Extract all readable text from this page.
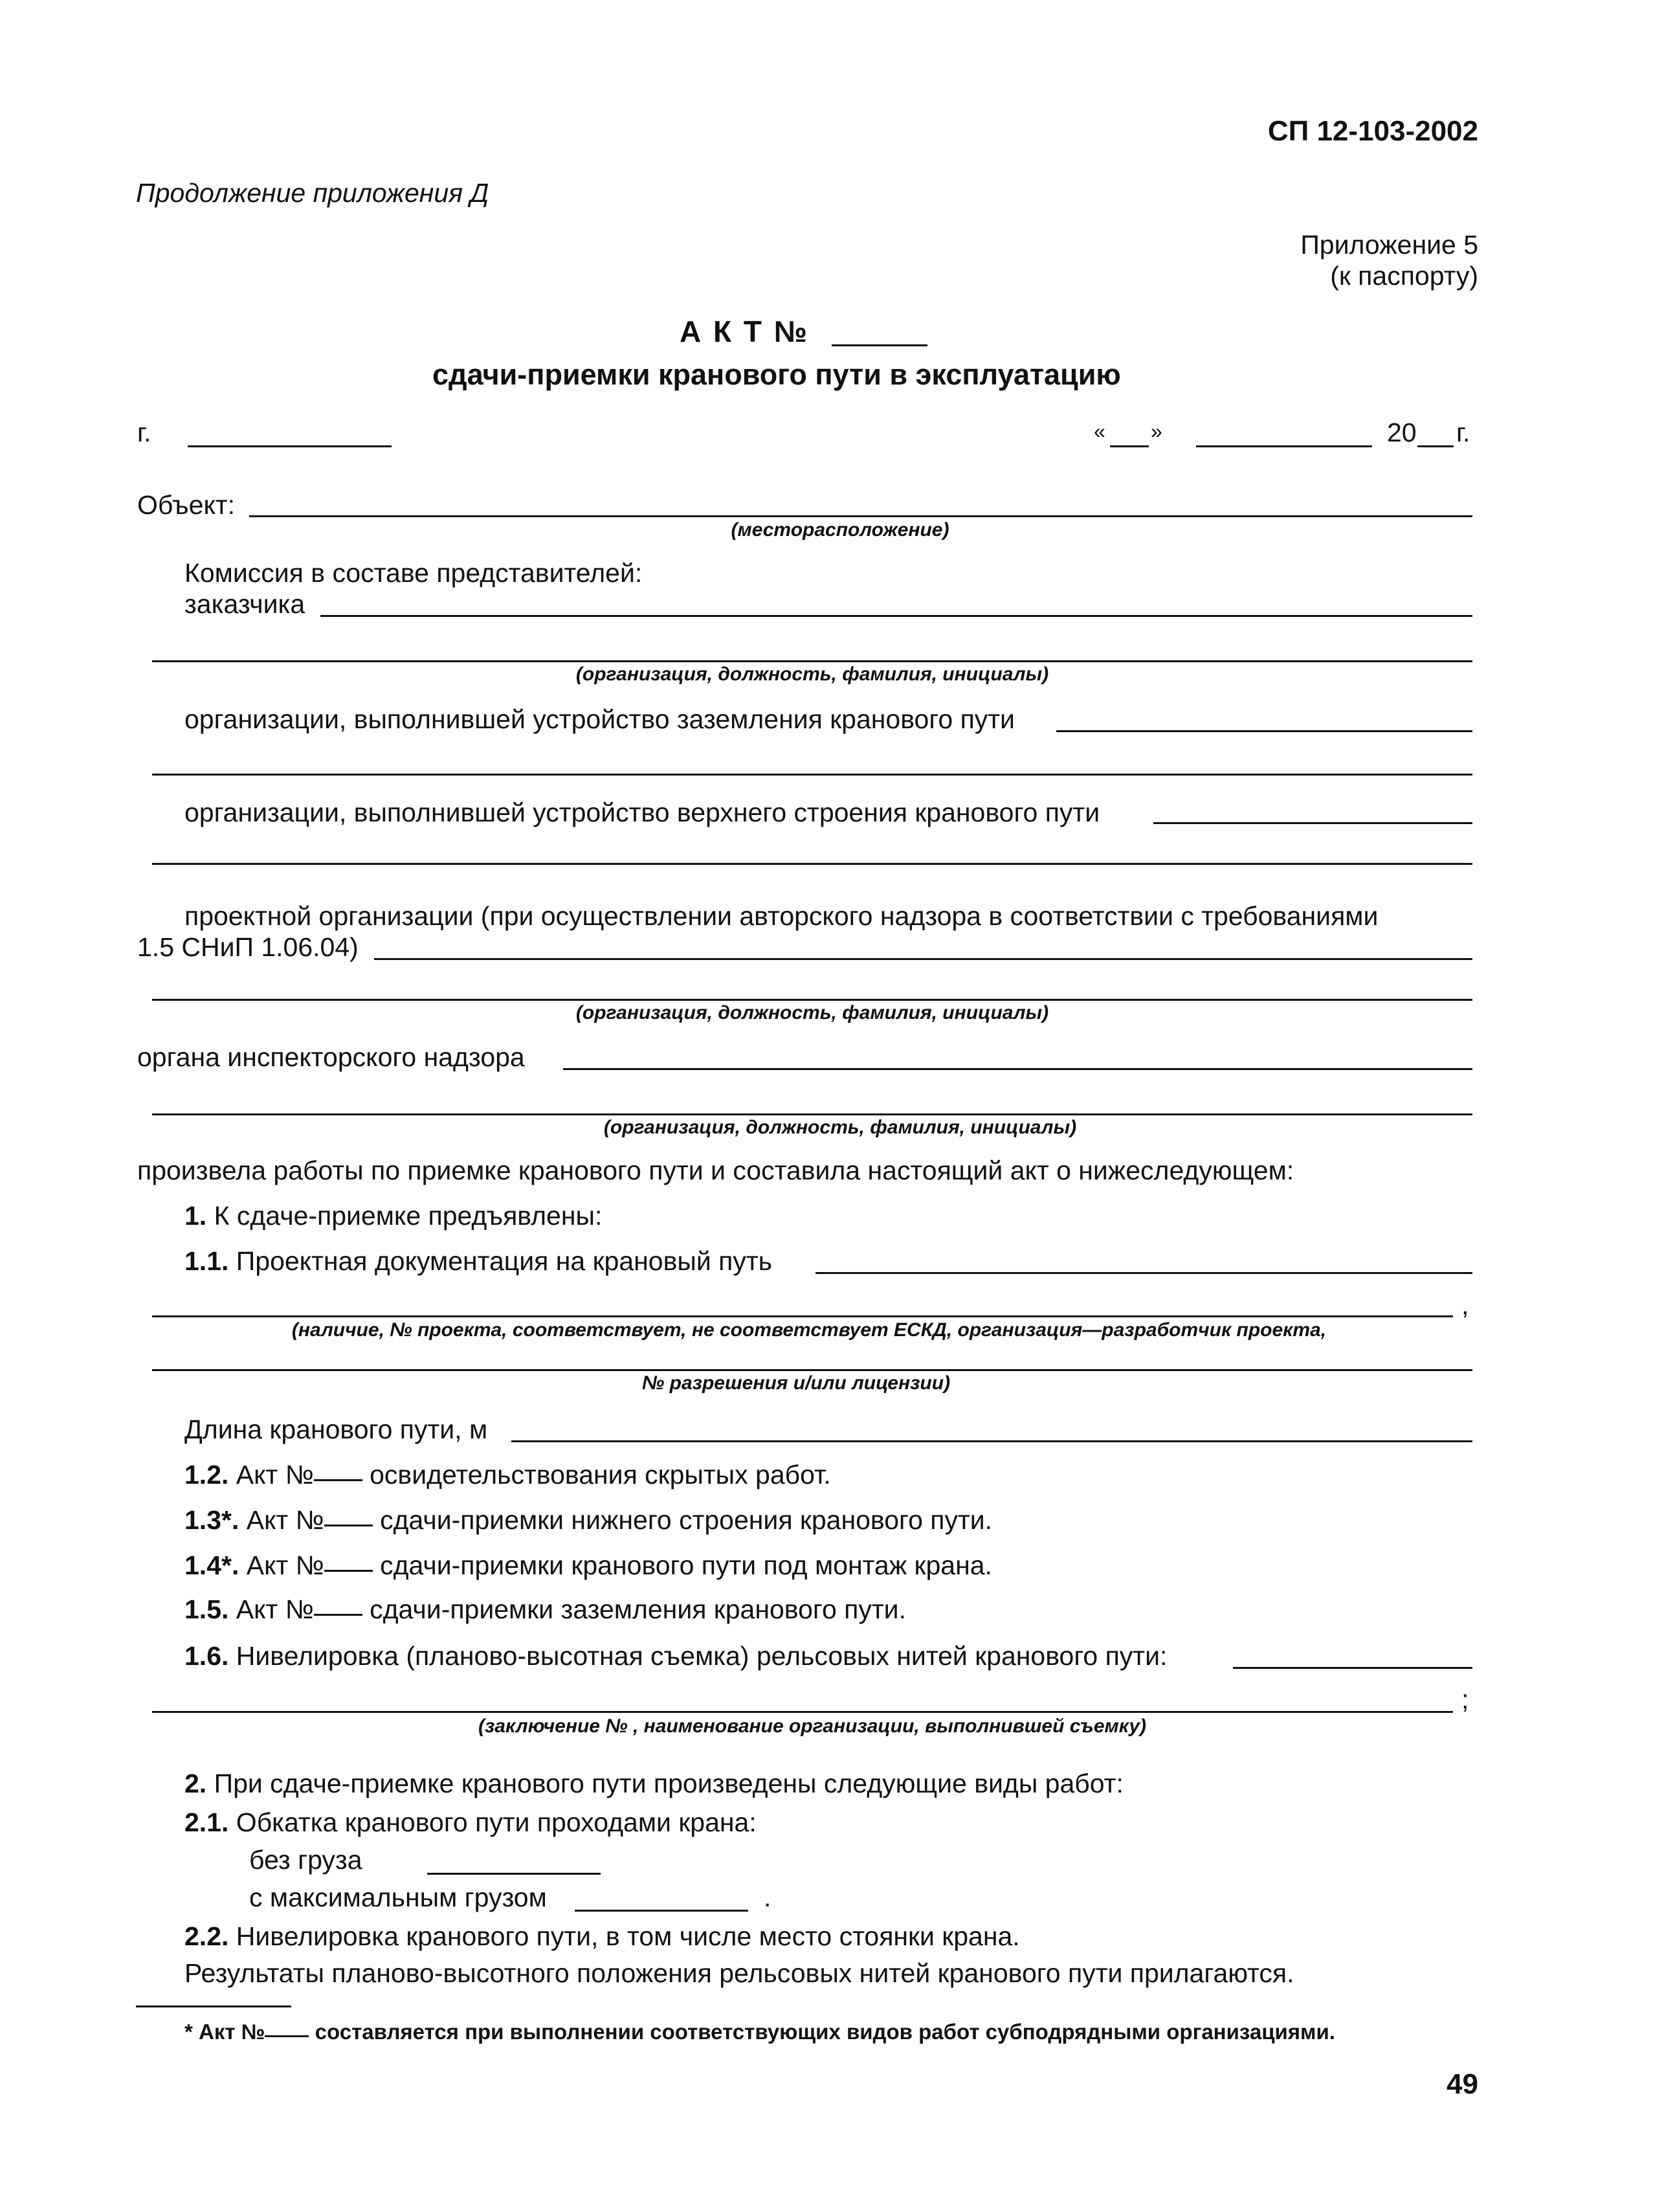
СП 12-103-2002
Продолжение приложения Д
Приложение 5
(к паспорту)
А К Т №
сдачи-приемки кранового пути в эксплуатацию
г.	« »	20 г.
Объект:
(месторасположение)
Комиссия в составе представителей:
заказчика
(организация, должность, фамилия, инициалы)
организации, выполнившей устройство заземления кранового пути
организации, выполнившей устройство верхнего строения кранового пути
проектной организации (при осуществлении авторского надзора в соответствии с требованиями
1.5 СНиП 1.06.04)
(организация, должность, фамилия, инициалы)
органа инспекторского надзора
(организация, должность, фамилия, инициалы)
произвела работы по приемке кранового пути и составила настоящий акт о нижеследующем:
1. К сдаче-приемке предъявлены:
1.1. Проектная документация на крановый путь
,
(наличие, № проекта, соответствует, не соответствует ЕСКД, организация—разработчик проекта,
№ разрешения и/или лицензии)
Длина кранового пути, м
1.2. Акт № освидетельствования скрытых работ.
1.3*. Акт № сдачи-приемки нижнего строения кранового пути.
1.4*. Акт № сдачи-приемки кранового пути под монтаж крана.
1.5. Акт № сдачи-приемки заземления кранового пути.
1.6. Нивелировка (планово-высотная съемка) рельсовых нитей кранового пути:
;
(заключение № , наименование организации, выполнившей съемку)
2. При сдаче-приемке кранового пути произведены следующие виды работ:
2.1. Обкатка кранового пути проходами крана:
без груза
с максимальным грузом	.
2.2. Нивелировка кранового пути, в том числе место стоянки крана.
Результаты планово-высотного положения рельсовых нитей кранового пути прилагаются.
* Акт № составляется при выполнении соответствующих видов работ субподрядными организациями.
49
